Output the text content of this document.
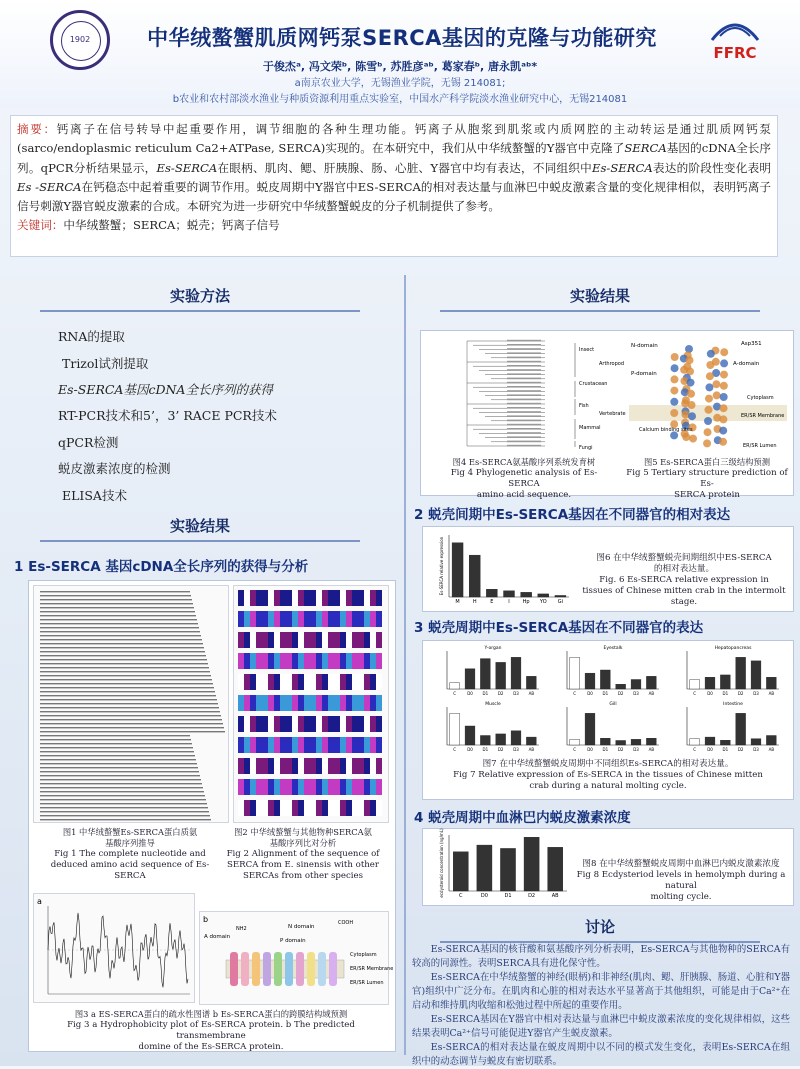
1902	中华绒螯蟹肌质网钙泵SERCA基因的克隆与功能研究
于俊杰ᵃ, 冯文荣ᵇ, 陈雪ᵇ, 苏胜彦ᵃᵇ, 葛家春ᵇ, 唐永凯ᵃᵇ*
a南京农业大学，无锡渔业学院，无锡 214081;
b农业和农村部淡水渔业与种质资源利用重点实验室，中国水产科学院淡水渔业研究中心，无锡214081
FFRC
摘要：钙离子在信号转导中起重要作用，调节细胞的各种生理功能。钙离子从胞浆到肌浆或内质网腔的主动转运是通过肌质网钙泵(sarco/endoplasmic reticulum Ca2+ATPase, SERCA)实现的。在本研究中，我们从中华绒螯蟹的Y器官中克隆了SERCA基因的cDNA全长序列。qPCR分析结果显示，Es-SERCA在眼柄、肌肉、鳃、肝胰腺、肠、心脏、Y器官中均有表达，不同组织中Es-SERCA表达的阶段性变化表明Es -SERCA在钙稳态中起着重要的调节作用。蜕皮周期中Y器官中ES-SERCA的相对表达量与血淋巴中蜕皮激素含量的变化规律相似，表明钙离子信号刺激Y器官蜕皮激素的合成。本研究为进一步研究中华绒螯蟹蜕皮的分子机制提供了参考。
关键词：中华绒螯蟹；SERCA；蜕壳；钙离子信号
实验方法
RNA的提取
Trizol试剂提取
Es-SERCA基因cDNA全长序列的获得
RT-PCR技术和5’，3’ RACE PCR技术
qPCR检测
蜕皮激素浓度的检测
ELISA技术
实验结果
1 Es-SERCA 基因cDNA全长序列的获得与分析
图1 中华绒螯蟹Es-SERCA蛋白质氨
基酸序列推导
Fig 1 The complete nucleotide and
deduced amino acid sequence of Es-
SERCA
图2 中华绒螯蟹与其他物种SERCA氨
基酸序列比对分析
Fig 2 Alignment of the sequence of
SERCA from E. sinensis with other
SERCAs from other species
a
b
A domain
N domain
P domain
COOH
NH2
Cytoplasm
ER/SR Membrane
ER/SR Lumen
图3 a ES-SERCA蛋白的疏水性图谱 b Es-SERCA蛋白的跨膜结构域预测
Fig 3 a Hydrophobicity plot of Es-SERCA protein. b The predicted transmembrane
domine of the Es-SERCA protein.
实验结果
Insect
Arthropod
Crustacean
Fish
Vertebrate
Mammal
Fungi
N-domain
A-domain
P-domain
Asp351
Cytoplasm
ER/SR Membrane
Calcium binding sites
ER/SR Lumen
图4 Es-SERCA氨基酸序列系统发育树
Fig 4 Phylogenetic analysis of Es-SERCA
amino acid sequence.
图5 Es-SERCA蛋白三级结构预测
Fig 5 Tertiary structure prediction of Es-
SERCA protein
2 蜕壳间期中Es-SERCA基因在不同器官的相对表达
M	H	E	I	Hp YO Gi
Es-SERCA relative expression	图6 在中华绒螯蟹蜕壳间期组织中ES-SERCA
的相对表达量。
Fig. 6 Es-SERCA relative expression in
tissues of Chinese mitten crab in the intermolt
stage.
3 蜕壳周期中Es-SERCA基因在不同器官的表达
C	D0 D1 D2 D3 AB
Y-organ
C	D0 D1 D2 D3 AB
Eyestalk
C	D0 D1 D2 D3 AB
Hepatopancreas
C	D0 D1 D2 D3 AB
Muscle
C	D0 D1 D2 D3 AB
Gill
C	D0 D1 D2 D3 AB
Intestine
图7 在中华绒螯蟹蜕皮周期中不同组织Es-SERCA的相对表达量。
Fig 7 Relative expression of Es-SERCA in the tissues of Chinese mitten
crab during a natural molting cycle.
4 蜕壳周期中血淋巴内蜕皮激素浓度
C	D0	D1	D2	AB
ecdysteroid concentration (ng/mL)	图8 在中华绒螯蟹蜕皮周期中血淋巴内蜕皮激素浓度
Fig 8 Ecdysteriod levels in hemolymph during a natural
molting cycle.
讨论

Es-SERCA基因的核苷酸和氨基酸序列分析表明，Es-SERCA与其他物种的SERCA有较高的同源性。表明SERCA具有进化保守性。

Es-SERCA在中华绒螯蟹的神经(眼柄)和非神经(肌肉、鳃、肝胰腺、肠道、心脏和Y器官)组织中广泛分布。在肌肉和心脏的相对表达水平显著高于其他组织，可能是由于Ca²⁺在启动和维持肌肉收缩和松弛过程中所起的重要作用。

Es-SERCA基因在Y器官中相对表达量与血淋巴中蜕皮激素浓度的变化规律相似，这些结果表明Ca²⁺信号可能促进Y器官产生蜕皮激素。

Es-SERCA的相对表达量在蜕皮周期中以不同的模式发生变化，表明Es-SERCA在组织中的动态调节与蜕皮有密切联系。
